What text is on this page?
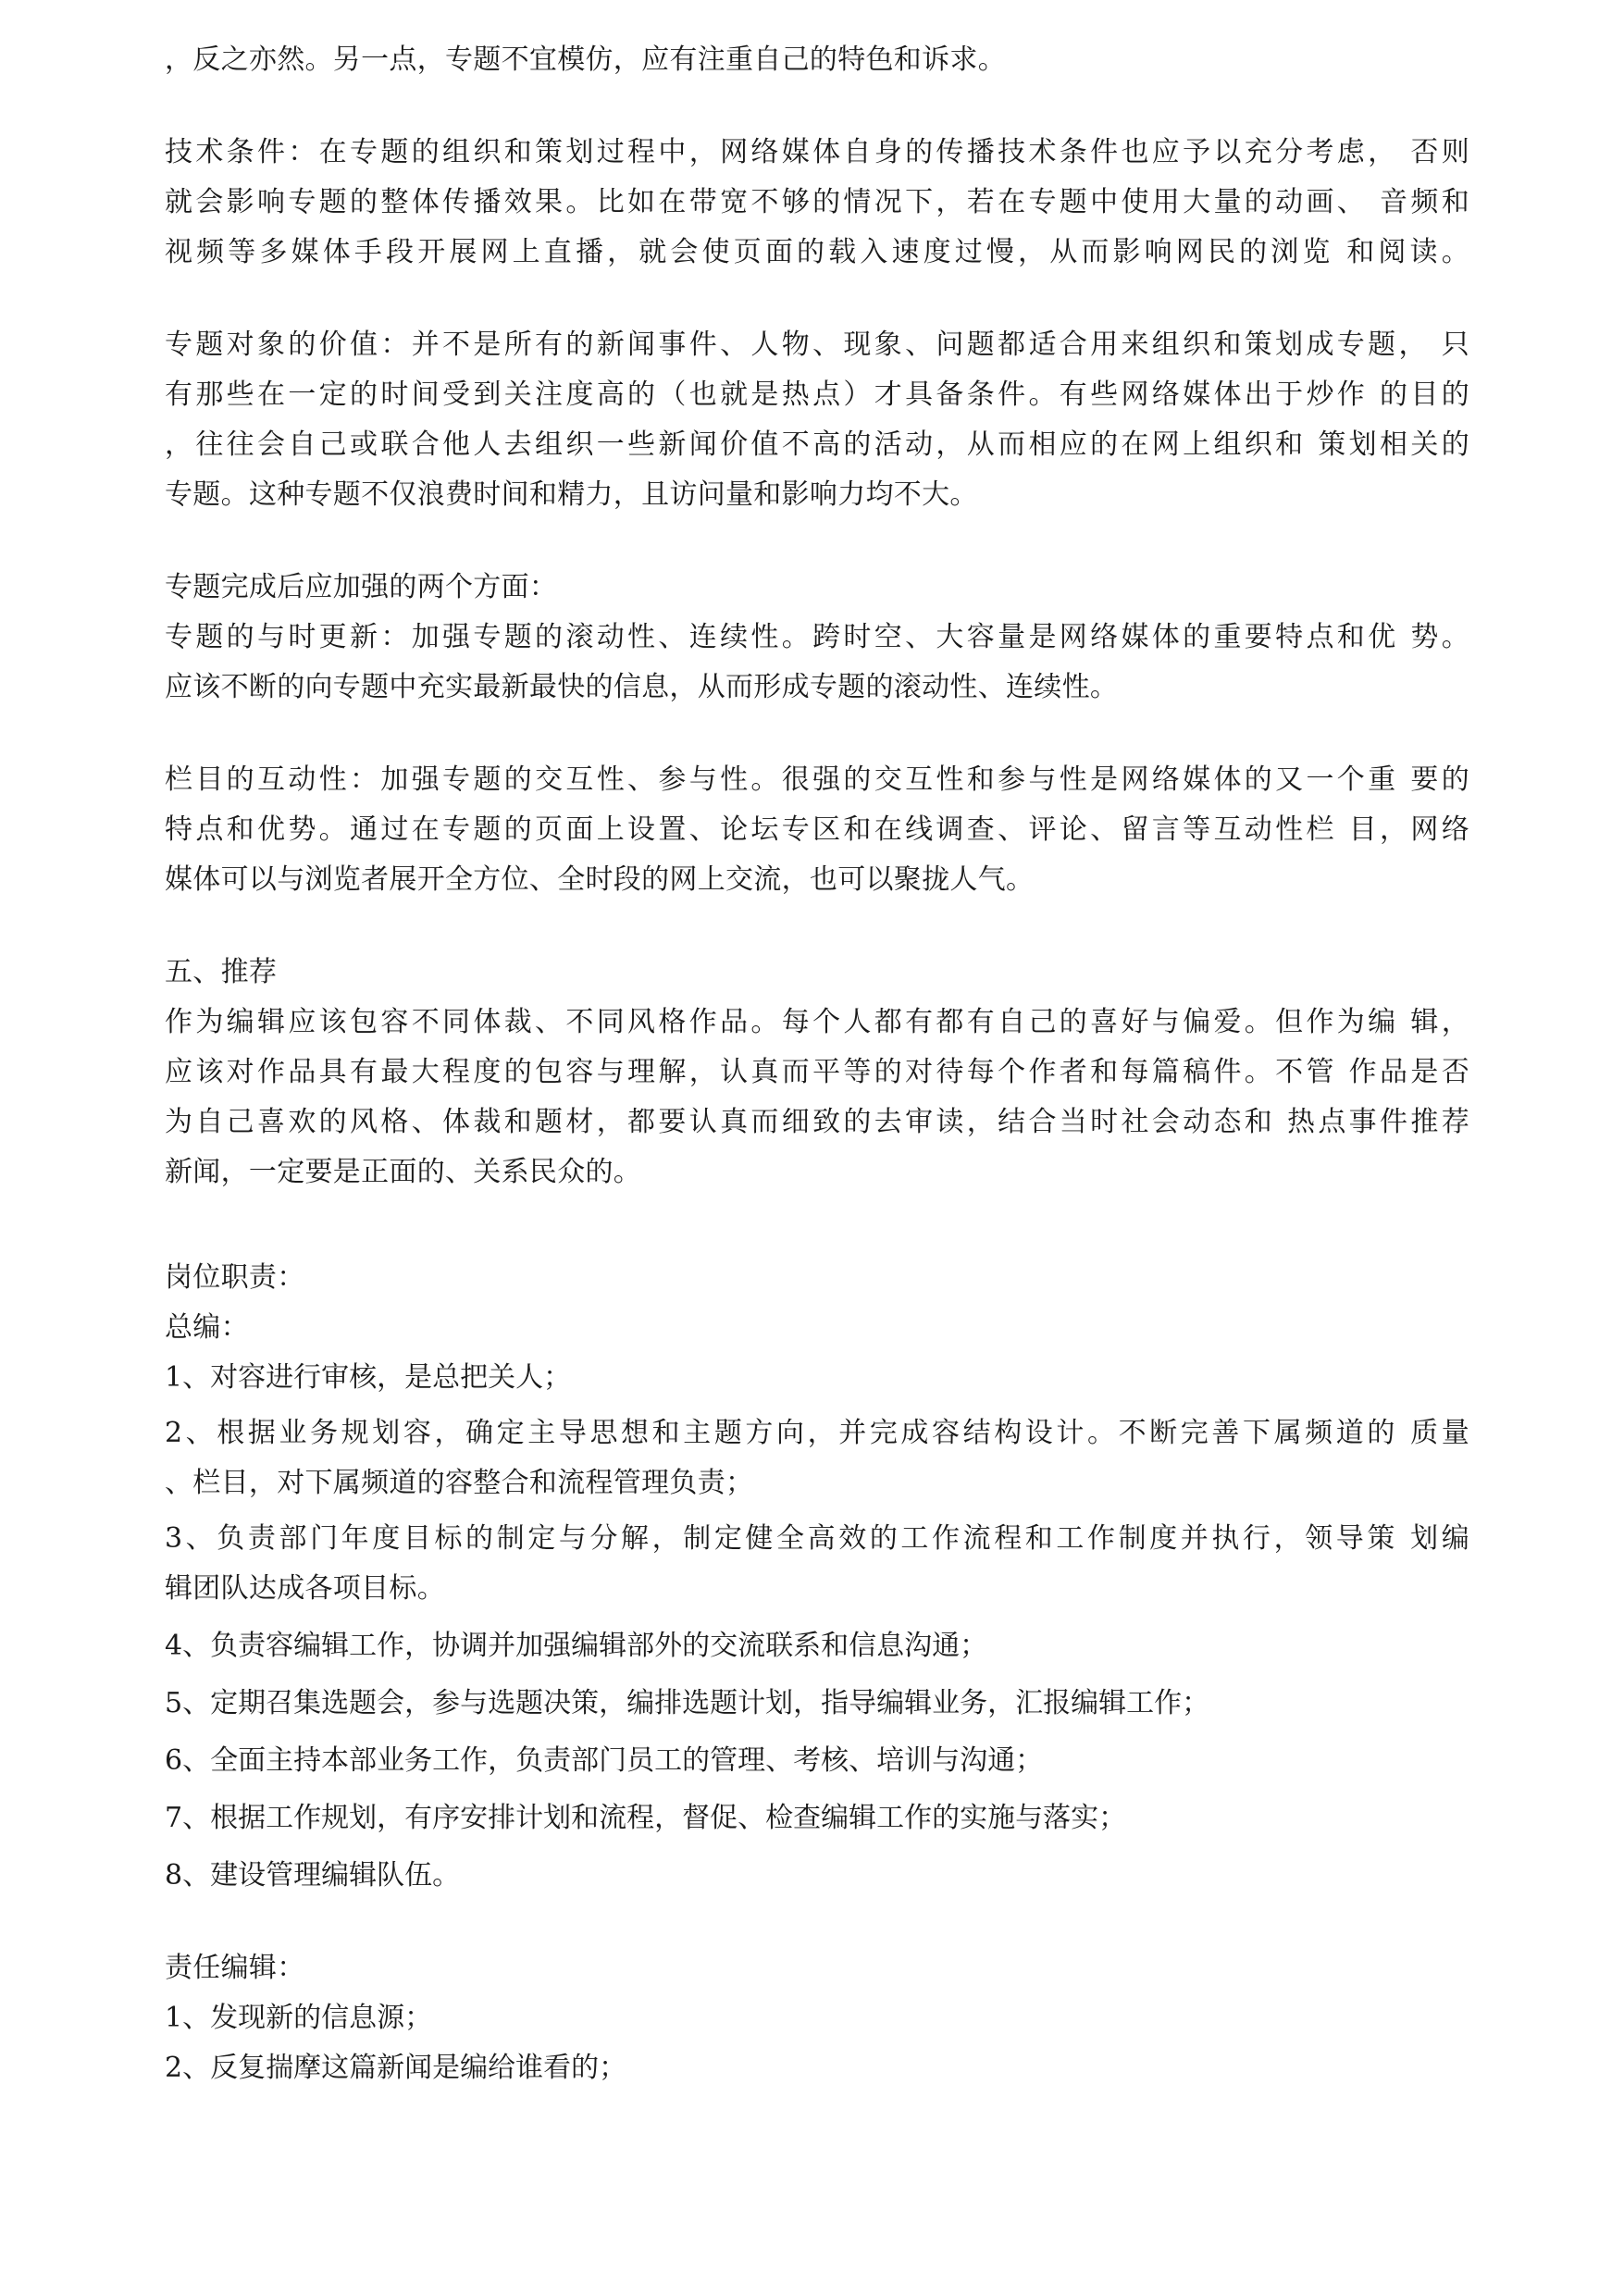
，反之亦然。另一点，专题不宜模仿，应有注重自己的特色和诉求。
技术条件：在专题的组织和策划过程中，网络媒体自身的传播技术条件也应予以充分考虑， 否则
就会影响专题的整体传播效果。比如在带宽不够的情况下，若在专题中使用大量的动画、 音频和
视频等多媒体手段开展网上直播，就会使页面的载入速度过慢，从而影响网民的浏览 和阅读。
专题对象的价值：并不是所有的新闻事件、人物、现象、问题都适合用来组织和策划成专题， 只
有那些在一定的时间受到关注度高的（也就是热点）才具备条件。有些网络媒体出于炒作 的目的
，往往会自己或联合他人去组织一些新闻价值不高的活动，从而相应的在网上组织和 策划相关的
专题。这种专题不仅浪费时间和精力，且访问量和影响力均不大。
专题完成后应加强的两个方面：
专题的与时更新：加强专题的滚动性、连续性。跨时空、大容量是网络媒体的重要特点和优 势。
应该不断的向专题中充实最新最快的信息，从而形成专题的滚动性、连续性。
栏目的互动性：加强专题的交互性、参与性。很强的交互性和参与性是网络媒体的又一个重 要的
特点和优势。通过在专题的页面上设置、论坛专区和在线调查、评论、留言等互动性栏 目，网络
媒体可以与浏览者展开全方位、全时段的网上交流，也可以聚拢人气。
五、推荐
作为编辑应该包容不同体裁、不同风格作品。每个人都有都有自己的喜好与偏爱。但作为编 辑，
应该对作品具有最大程度的包容与理解，认真而平等的对待每个作者和每篇稿件。不管 作品是否
为自己喜欢的风格、体裁和题材，都要认真而细致的去审读，结合当时社会动态和 热点事件推荐
新闻，一定要是正面的、关系民众的。
岗位职责：
总编：
1、对容进行审核，是总把关人；
2、根据业务规划容，确定主导思想和主题方向，并完成容结构设计。不断完善下属频道的 质量
、栏目，对下属频道的容整合和流程管理负责；
3、负责部门年度目标的制定与分解，制定健全高效的工作流程和工作制度并执行，领导策 划编
辑团队达成各项目标。
4、负责容编辑工作，协调并加强编辑部外的交流联系和信息沟通；
5、定期召集选题会，参与选题决策，编排选题计划，指导编辑业务，汇报编辑工作；
6、全面主持本部业务工作，负责部门员工的管理、考核、培训与沟通；
7、根据工作规划，有序安排计划和流程，督促、检查编辑工作的实施与落实；
8、建设管理编辑队伍。
责任编辑：
1、发现新的信息源；
2、反复揣摩这篇新闻是编给谁看的；
